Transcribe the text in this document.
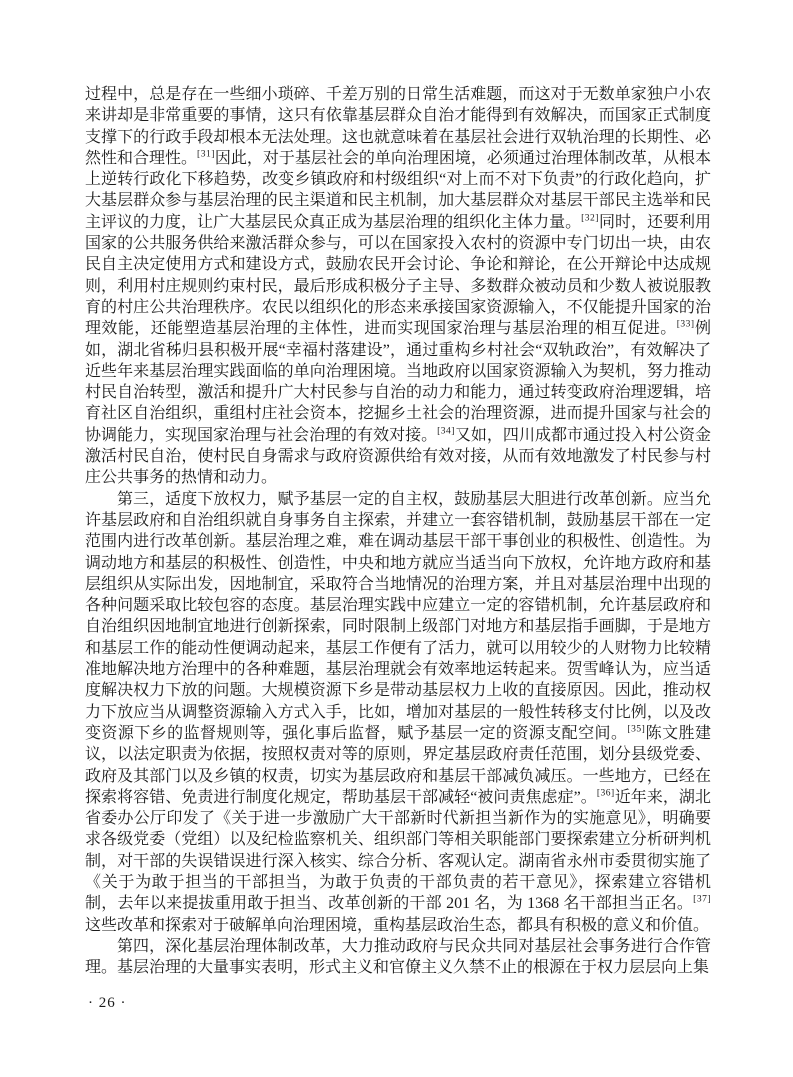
过程中，总是存在一些细小琐碎、千差万别的日常生活难题，而这对于无数单家独户小农来讲却是非常重要的事情，这只有依靠基层群众自治才能得到有效解决，而国家正式制度支撑下的行政手段却根本无法处理。这也就意味着在基层社会进行双轨治理的长期性、必然性和合理性。[31]因此，对于基层社会的单向治理困境，必须通过治理体制改革，从根本上逆转行政化下移趋势，改变乡镇政府和村级组织“对上而不对下负责”的行政化趋向，扩大基层群众参与基层治理的民主渠道和民主机制，加大基层群众对基层干部民主选举和民主评议的力度，让广大基层民众真正成为基层治理的组织化主体力量。[32]同时，还要利用国家的公共服务供给来激活群众参与，可以在国家投入农村的资源中专门切出一块，由农民自主决定使用方式和建设方式，鼓励农民开会讨论、争论和辩论，在公开辩论中达成规则，利用村庄规则约束村民，最后形成积极分子主导、多数群众被动员和少数人被说服教育的村庄公共治理秩序。农民以组织化的形态来承接国家资源输入，不仅能提升国家的治理效能，还能塑造基层治理的主体性，进而实现国家治理与基层治理的相互促进。[33]例如，湖北省秭归县积极开展“幸福村落建设”，通过重构乡村社会“双轨政治”，有效解决了近些年来基层治理实践面临的单向治理困境。当地政府以国家资源输入为契机，努力推动村民自治转型，激活和提升广大村民参与自治的动力和能力，通过转变政府治理逻辑，培育社区自治组织，重组村庄社会资本，挖掘乡土社会的治理资源，进而提升国家与社会的协调能力，实现国家治理与社会治理的有效对接。[34]又如，四川成都市通过投入村公资金激活村民自治，使村民自身需求与政府资源供给有效对接，从而有效地激发了村民参与村庄公共事务的热情和动力。

第三，适度下放权力，赋予基层一定的自主权，鼓励基层大胆进行改革创新。应当允许基层政府和自治组织就自身事务自主探索，并建立一套容错机制，鼓励基层干部在一定范围内进行改革创新。基层治理之难，难在调动基层干部干事创业的积极性、创造性。为调动地方和基层的积极性、创造性，中央和地方就应当适当向下放权，允许地方政府和基层组织从实际出发，因地制宜，采取符合当地情况的治理方案，并且对基层治理中出现的各种问题采取比较包容的态度。基层治理实践中应建立一定的容错机制，允许基层政府和自治组织因地制宜地进行创新探索，同时限制上级部门对地方和基层指手画脚，于是地方和基层工作的能动性便调动起来，基层工作便有了活力，就可以用较少的人财物力比较精准地解决地方治理中的各种难题，基层治理就会有效率地运转起来。贺雪峰认为，应当适度解决权力下放的问题。大规模资源下乡是带动基层权力上收的直接原因。因此，推动权力下放应当从调整资源输入方式入手，比如，增加对基层的一般性转移支付比例，以及改变资源下乡的监督规则等，强化事后监督，赋予基层一定的资源支配空间。[35]陈文胜建议，以法定职责为依据，按照权责对等的原则，界定基层政府责任范围，划分县级党委、政府及其部门以及乡镇的权责，切实为基层政府和基层干部减负减压。一些地方，已经在探索将容错、免责进行制度化规定，帮助基层干部减轻“被问责焦虑症”。[36]近年来，湖北省委办公厅印发了《关于进一步激励广大干部新时代新担当新作为的实施意见》，明确要求各级党委（党组）以及纪检监察机关、组织部门等相关职能部门要探索建立分析研判机制，对干部的失误错误进行深入核实、综合分析、客观认定。湖南省永州市委贯彻实施了《关于为敢于担当的干部担当，为敢于负责的干部负责的若干意见》，探索建立容错机制，去年以来提拔重用敢于担当、改革创新的干部 201 名，为 1368 名干部担当正名。[37]这些改革和探索对于破解单向治理困境，重构基层政治生态，都具有积极的意义和价值。

第四，深化基层治理体制改革，大力推动政府与民众共同对基层社会事务进行合作管理。基层治理的大量事实表明，形式主义和官僚主义久禁不止的根源在于权力层层向上集

· 26 ·
